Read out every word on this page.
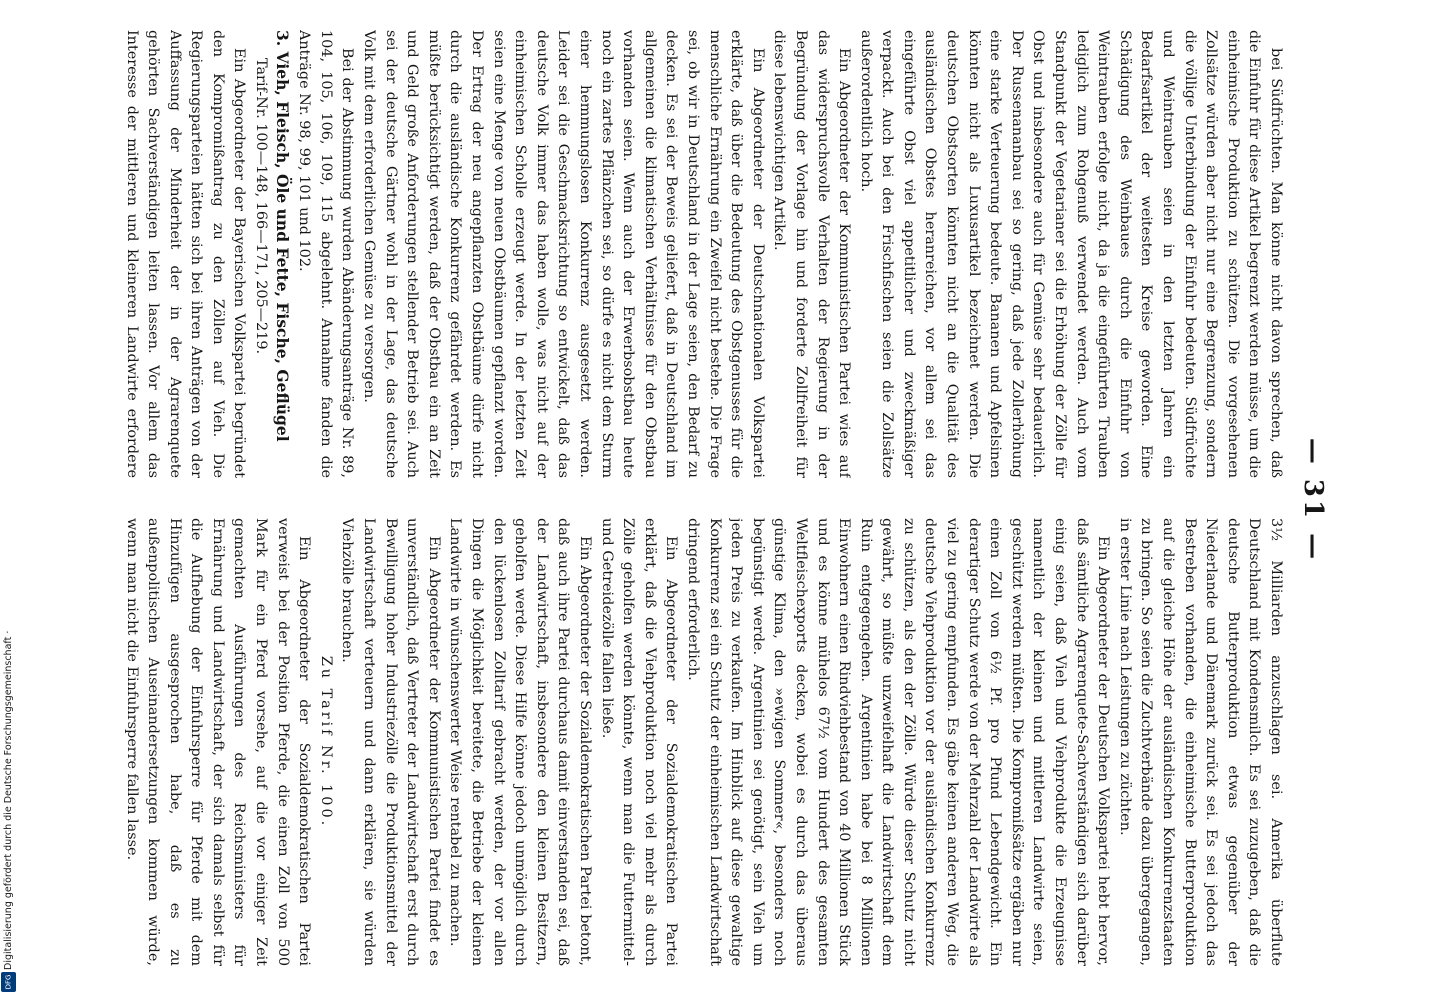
— 31 —

bei Südfrüchten. Man könne nicht davon sprechen, daß die Einfuhr für diese Artikel begrenzt werden müsse, um die einheimische Produktion zu schützen. Die vorgesehenen Zollsätze würden aber nicht nur eine Begrenzung, sondern die völlige Unterbindung der Einfuhr bedeuten. Südfrüchte und Weintrauben seien in den letzten Jahren ein Bedarfsartikel der weitesten Kreise geworden. Eine Schädigung des Weinbaues durch die Einfuhr von Weintrauben erfolge nicht, da ja die eingeführten Trauben lediglich zum Rohgenuß verwendet werden. Auch vom Standpunkt der Vegetarianer sei die Erhöhung der Zölle für Obst und insbesondere auch für Gemüse sehr bedauerlich. Der Russenananbau sei so gering, daß jede Zollerhöhung eine starke Verteuerung bedeute. Bananen und Apfelsinen könnten nicht als Luxusartikel bezeichnet werden. Die deutschen Obstsorten könnten nicht an die Qualität des ausländischen Obstes heranreichen, vor allem sei das eingeführte Obst viel appetitlicher und zweckmäßiger verpackt. Auch bei den Frischfischen seien die Zollsätze außerordentlich hoch.

Ein Abgeordneter der Kommunistischen Partei wies auf das widerspruchsvolle Verhalten der Regierung in der Begründung der Vorlage hin und forderte Zollfreiheit für diese lebenswichtigen Artikel.

Ein Abgeordneter der Deutschnationalen Volkspartei erklärte, daß über die Bedeutung des Obstgenusses für die menschliche Ernährung ein Zweifel nicht bestehe. Die Frage sei, ob wir in Deutschland in der Lage seien, den Bedarf zu decken. Es sei der Beweis geliefert, daß in Deutschland im allgemeinen die klimatischen Verhältnisse für den Obstbau vorhanden seien. Wenn auch der Erwerbsobstbau heute noch ein zartes Pflänzchen sei, so dürfe es nicht dem Sturm einer hemmungslosen Konkurrenz ausgesetzt werden. Leider sei die Geschmacksrichtung so entwickelt, daß das deutsche Volk immer das haben wolle, was nicht auf der einheimischen Scholle erzeugt werde. In der letzten Zeit seien eine Menge von neuen Obstbäumen gepflanzt worden. Der Ertrag der neu angepflanzten Obstbäume dürfe nicht durch die ausländische Konkurrenz gefährdet werden. Es müßte berücksichtigt werden, daß der Obstbau ein an Zeit und Geld große Anforderungen stellender Betrieb sei. Auch sei der deutsche Gärtner wohl in der Lage, das deutsche Volk mit dem erforderlichen Gemüse zu versorgen.

Bei der Abstimmung wurden Abänderungsanträge Nr. 89, 104, 105, 106, 109, 115 abgelehnt. Annahme fanden die Anträge Nr. 98, 99, 101 und 102.

3. Vieh, Fleisch, Öle und Fette, Fische, Geflügel

Tarif-Nr. 100—148, 166—171, 205—219.

Ein Abgeordneter der Bayerischen Volkspartei begründet den Kompromißantrag zu den Zöllen auf Vieh. Die Regierungsparteien hätten sich bei ihren Anträgen von der Auffassung der Minderheit der in der Agrarenquete gehörten Sachverständigen leiten lassen. Vor allem das Interesse der mittleren und kleineren Landwirte erfordere

3½ Milliarden anzuschlagen sei. Amerika überflute Deutschland mit Kondensmilch. Es sei zuzugeben, daß die deutsche Butterproduktion etwas gegenüber der Niederlande und Dänemark zurück sei. Es sei jedoch das Bestreben vorhanden, die einheimische Butterproduktion auf die gleiche Höhe der ausländischen Konkurrenzstaaten zu bringen. So seien die Zuchtverbände dazu übergegangen, in erster Linie nach Leistungen zu züchten.

Ein Abgeordneter der Deutschen Volkspartei hebt hervor, daß sämtliche Agrarenquete-Sachverständigen sich darüber einig seien, daß Vieh und Viehprodukte die Erzeugnisse namentlich der kleinen und mittleren Landwirte seien, geschützt werden müßten. Die Kompromißsätze ergäben nur einen Zoll von 6½ Pf. pro Pfund Lebendgewicht. Ein derartiger Schutz werde von der Mehrzahl der Landwirte als viel zu gering empfunden. Es gäbe keinen anderen Weg, die deutsche Viehproduktion vor der ausländischen Konkurrenz zu schützen, als den der Zölle. Würde dieser Schutz nicht gewährt, so müßte unzweifelhaft die Landwirtschaft dem Ruin entgegengehen. Argentinien habe bei 8 Millionen Einwohnern einen Rindviehbestand von 40 Millionen Stück und es könne mühelos 67½ vom Hundert des gesamten Weltfleischexports decken, wobei es durch das überaus günstige Klima, den »ewigen Sommer«, besonders noch begünstigt werde. Argentinien sei genötigt, sein Vieh um jeden Preis zu verkaufen. Im Hinblick auf diese gewaltige Konkurrenz sei ein Schutz der einheimischen Landwirtschaft dringend erforderlich.

Ein Abgeordneter der Sozialdemokratischen Partei erklärt, daß die Viehproduktion noch viel mehr als durch Zölle geholfen werden könnte, wenn man die Futtermittel- und Getreidezölle fallen ließe.

Ein Abgeordneter der Sozialdemokratischen Partei betont, daß auch ihre Partei durchaus damit einverstanden sei, daß der Landwirtschaft, insbesondere den kleinen Besitzern, geholfen werde. Diese Hilfe könne jedoch unmöglich durch den lückenlosen Zolltarif gebracht werden, der vor allen Dingen die Möglichkeit bereitete, die Betriebe der kleinen Landwirte in wünschenswerter Weise rentabel zu machen.

Ein Abgeordneter der Kommunistischen Partei findet es unverständlich, daß Vertreter der Landwirtschaft erst durch Bewilligung hoher Industriezölle die Produktionsmittel der Landwirtschaft verteuern und dann erklären, sie würden Viehzölle brauchen.

Zu Tarif Nr. 100.

Ein Abgeordneter der Sozialdemokratischen Partei verweist bei der Position Pferde, die einen Zoll von 500 Mark für ein Pferd vorsehe, auf die vor einiger Zeit gemachten Ausführungen des Reichsministers für Ernährung und Landwirtschaft, der sich damals selbst für die Aufhebung der Einfuhrsperre für Pferde mit dem Hinzufügen ausgesprochen habe, daß es zu außenpolitischen Auseinandersetzungen kommen würde, wenn man nicht die Einfuhrsperre fallen lasse.

Digitalisierung gefördert durch die Deutsche Forschungsgemeinschaft ·
DFG
